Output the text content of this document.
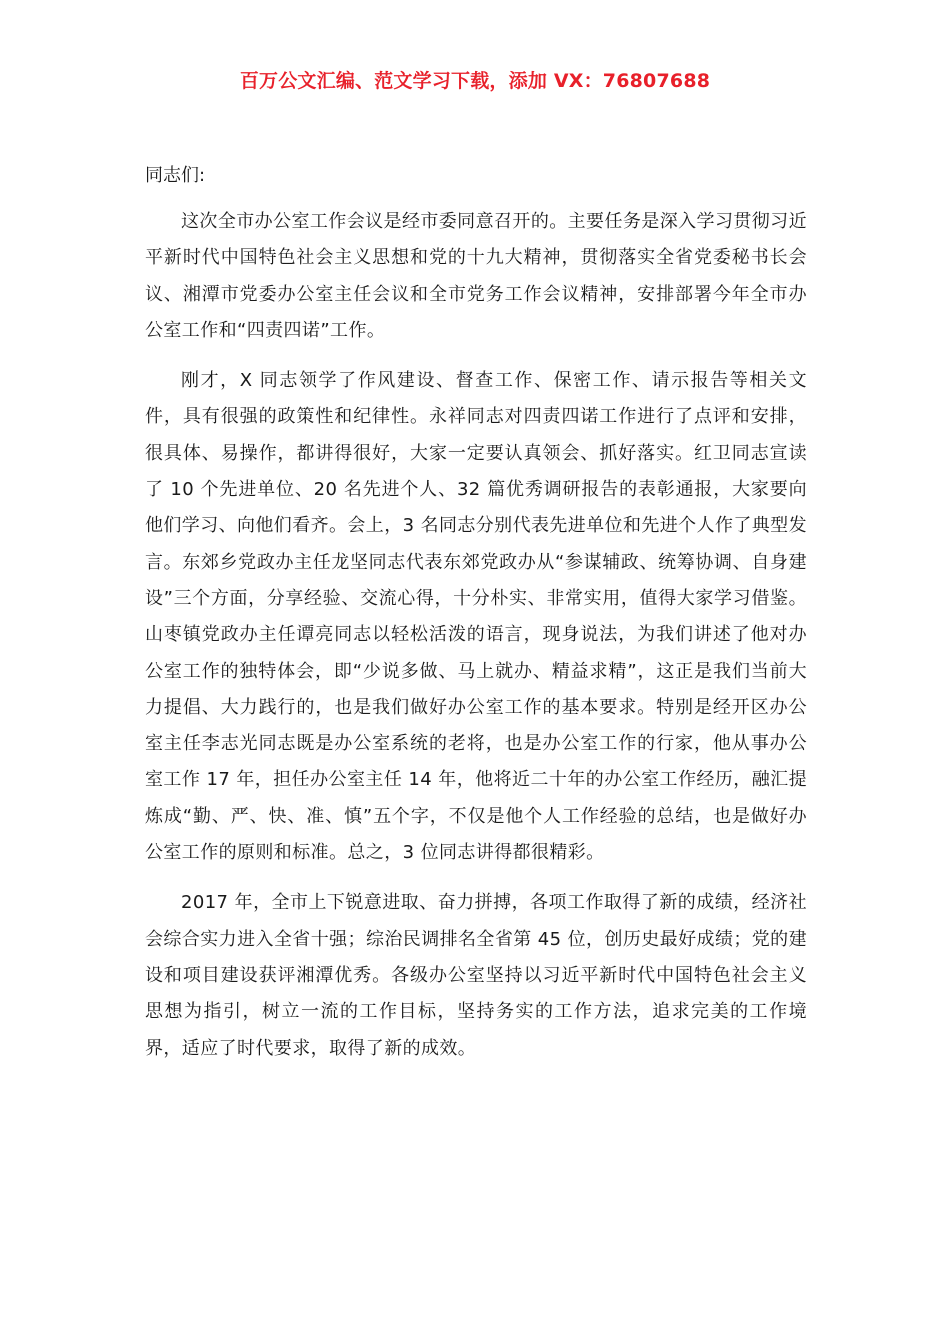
百万公文汇编、范文学习下载，添加 VX：76807688

同志们:

这次全市办公室工作会议是经市委同意召开的。主要任务是深入学习贯彻习近平新时代中国特色社会主义思想和党的十九大精神，贯彻落实全省党委秘书长会议、湘潭市党委办公室主任会议和全市党务工作会议精神，安排部署今年全市办公室工作和“四责四诺”工作。

刚才，X 同志领学了作风建设、督查工作、保密工作、请示报告等相关文件，具有很强的政策性和纪律性。永祥同志对四责四诺工作进行了点评和安排，很具体、易操作，都讲得很好，大家一定要认真领会、抓好落实。红卫同志宣读了 10 个先进单位、20 名先进个人、32 篇优秀调研报告的表彰通报，大家要向他们学习、向他们看齐。会上，3 名同志分别代表先进单位和先进个人作了典型发言。东郊乡党政办主任龙坚同志代表东郊党政办从“参谋辅政、统筹协调、自身建设”三个方面，分享经验、交流心得，十分朴实、非常实用，值得大家学习借鉴。山枣镇党政办主任谭亮同志以轻松活泼的语言，现身说法，为我们讲述了他对办公室工作的独特体会，即“少说多做、马上就办、精益求精”，这正是我们当前大力提倡、大力践行的，也是我们做好办公室工作的基本要求。特别是经开区办公室主任李志光同志既是办公室系统的老将，也是办公室工作的行家，他从事办公室工作 17 年，担任办公室主任 14 年，他将近二十年的办公室工作经历，融汇提炼成“勤、严、快、准、慎”五个字，不仅是他个人工作经验的总结，也是做好办公室工作的原则和标准。总之，3 位同志讲得都很精彩。

2017 年，全市上下锐意进取、奋力拼搏，各项工作取得了新的成绩，经济社会综合实力进入全省十强；综治民调排名全省第 45 位，创历史最好成绩；党的建设和项目建设获评湘潭优秀。各级办公室坚持以习近平新时代中国特色社会主义思想为指引，树立一流的工作目标，坚持务实的工作方法，追求完美的工作境界，适应了时代要求，取得了新的成效。
